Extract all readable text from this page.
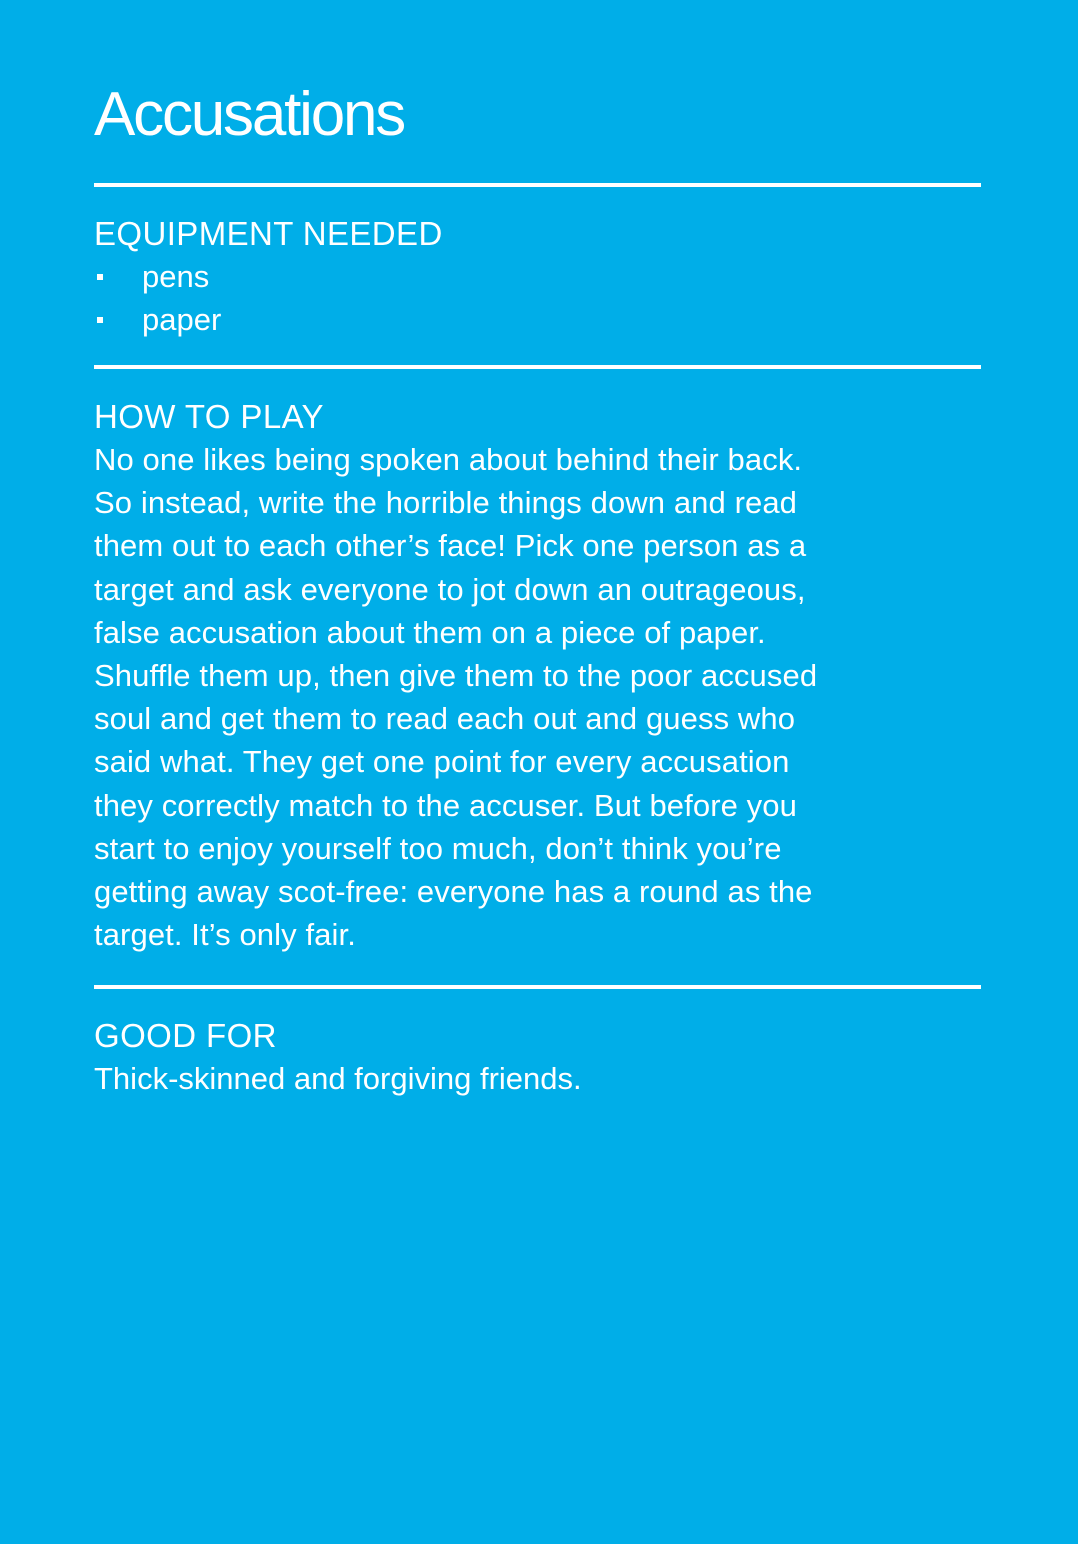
Accusations
EQUIPMENT NEEDED
pens
paper
HOW TO PLAY

No one likes being spoken about behind their back.
So instead, write the horrible things down and read
them out to each other’s face! Pick one person as a
target and ask everyone to jot down an outrageous,
false accusation about them on a piece of paper.
Shuffle them up, then give them to the poor accused
soul and get them to read each out and guess who
said what. They get one point for every accusation
they correctly match to the accuser. But before you
start to enjoy yourself too much, don’t think you’re
getting away scot-free: everyone has a round as the
target. It’s only fair.

GOOD FOR

Thick-skinned and forgiving friends.
